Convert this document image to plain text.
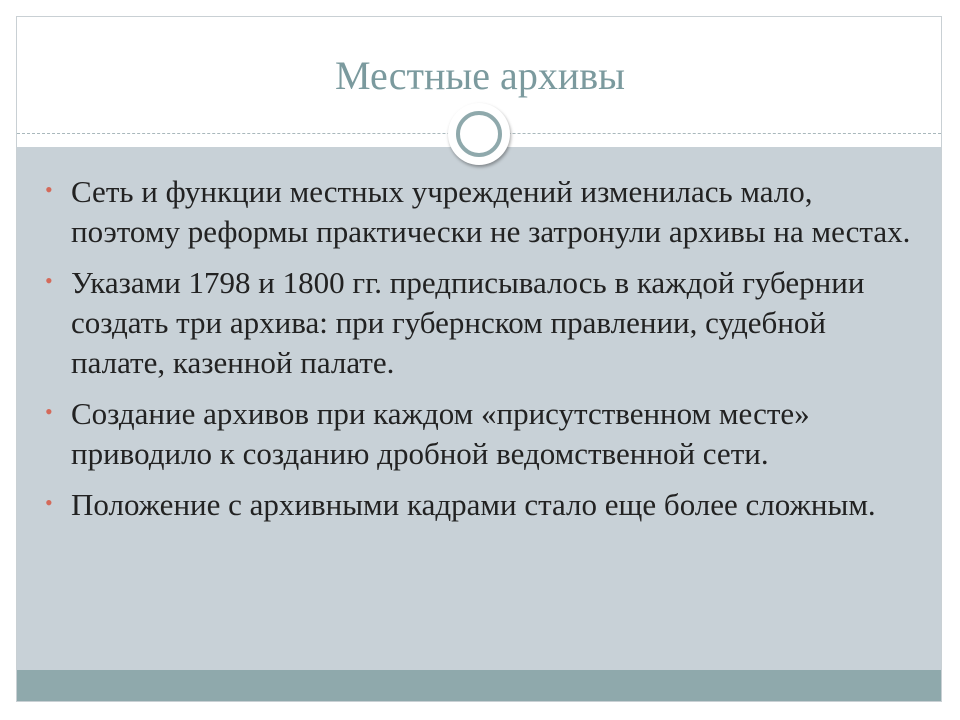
Местные архивы
• Сеть и функции местных учреждений изменилась мало, поэтому реформы практически не затронули архивы на местах.
• Указами 1798 и 1800 гг. предписывалось в каждой губернии создать три архива: при губернском правлении, судебной палате, казенной палате.
• Создание архивов при каждом «присутственном месте» приводило к созданию дробной ведомственной сети.
• Положение с архивными кадрами стало еще более сложным.
